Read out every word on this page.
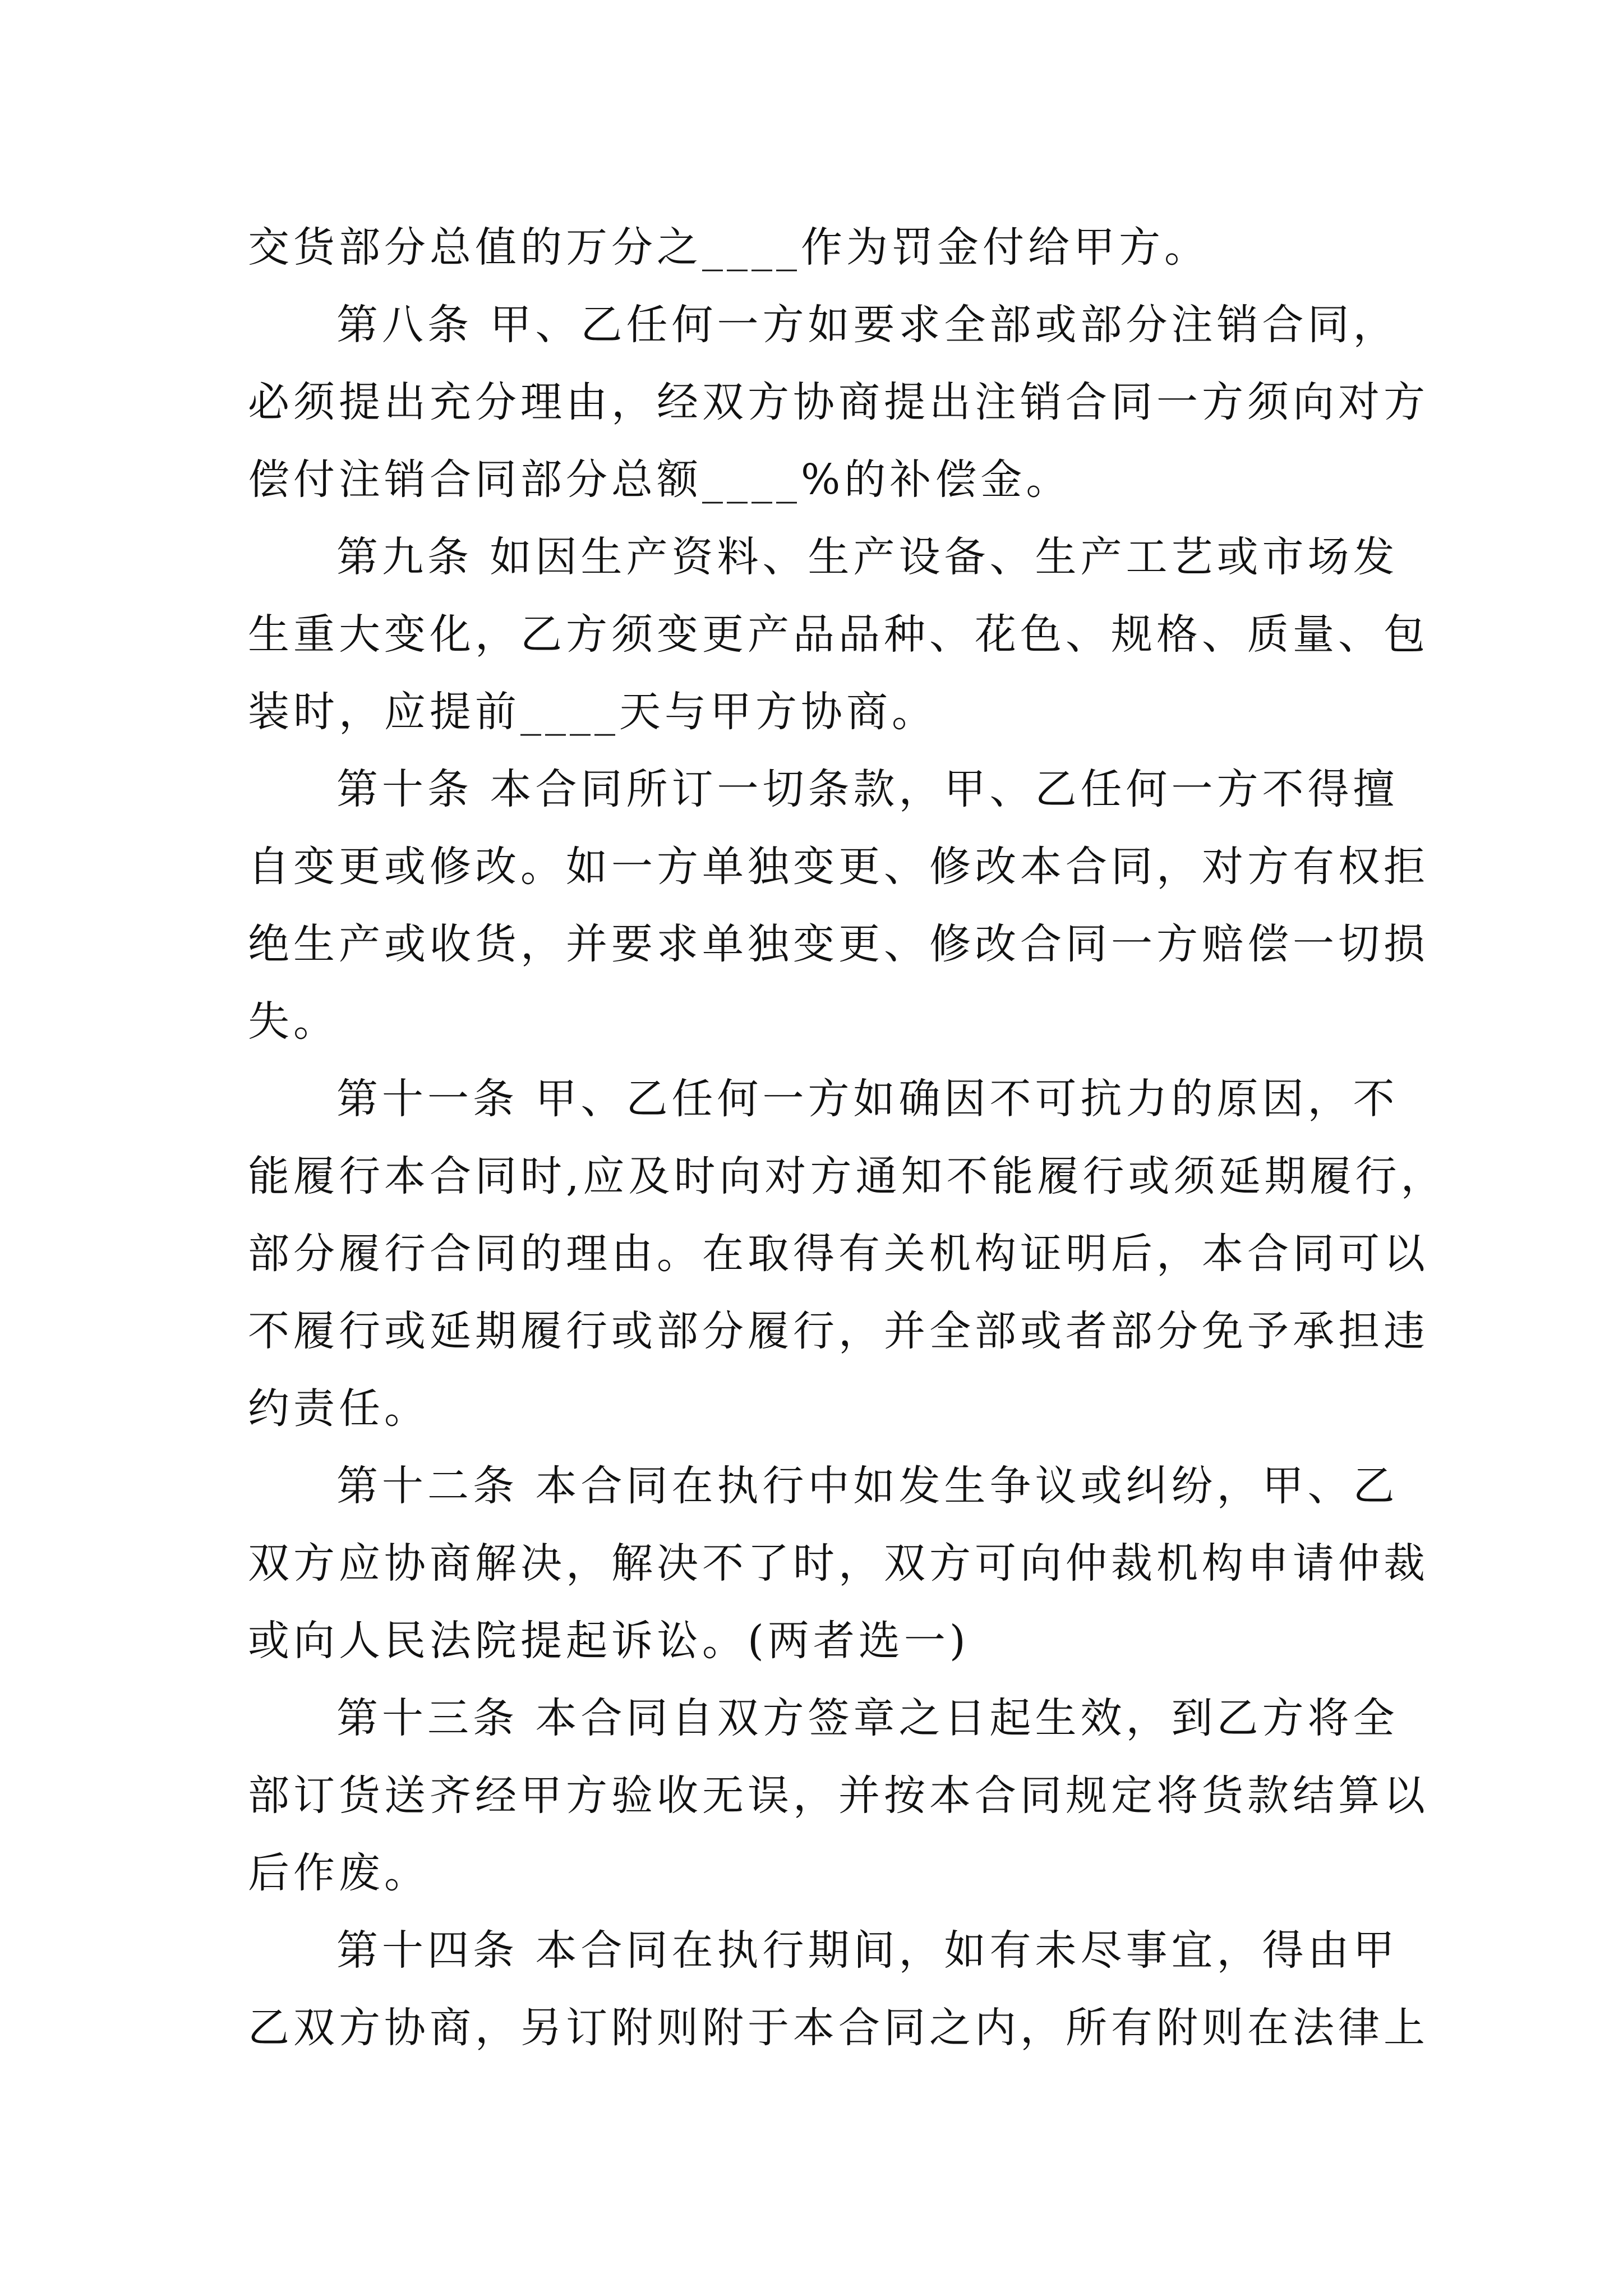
交货部分总值的万分之____作为罚金付给甲方。
第八条 甲、乙任何一方如要求全部或部分注销合同，
必须提出充分理由，经双方协商提出注销合同一方须向对方
偿付注销合同部分总额____%的补偿金。
第九条 如因生产资料、生产设备、生产工艺或市场发
生重大变化，乙方须变更产品品种、花色、规格、质量、包
装时，应提前____天与甲方协商。
第十条 本合同所订一切条款，甲、乙任何一方不得擅
自变更或修改。如一方单独变更、修改本合同，对方有权拒
绝生产或收货，并要求单独变更、修改合同一方赔偿一切损
失。
第十一条 甲、乙任何一方如确因不可抗力的原因，不
能履行本合同时,应及时向对方通知不能履行或须延期履行，
部分履行合同的理由。在取得有关机构证明后，本合同可以
不履行或延期履行或部分履行，并全部或者部分免予承担违
约责任。
第十二条 本合同在执行中如发生争议或纠纷，甲、乙
双方应协商解决，解决不了时，双方可向仲裁机构申请仲裁
或向人民法院提起诉讼。(两者选一)
第十三条 本合同自双方签章之日起生效，到乙方将全
部订货送齐经甲方验收无误，并按本合同规定将货款结算以
后作废。
第十四条 本合同在执行期间，如有未尽事宜，得由甲
乙双方协商，另订附则附于本合同之内，所有附则在法律上
